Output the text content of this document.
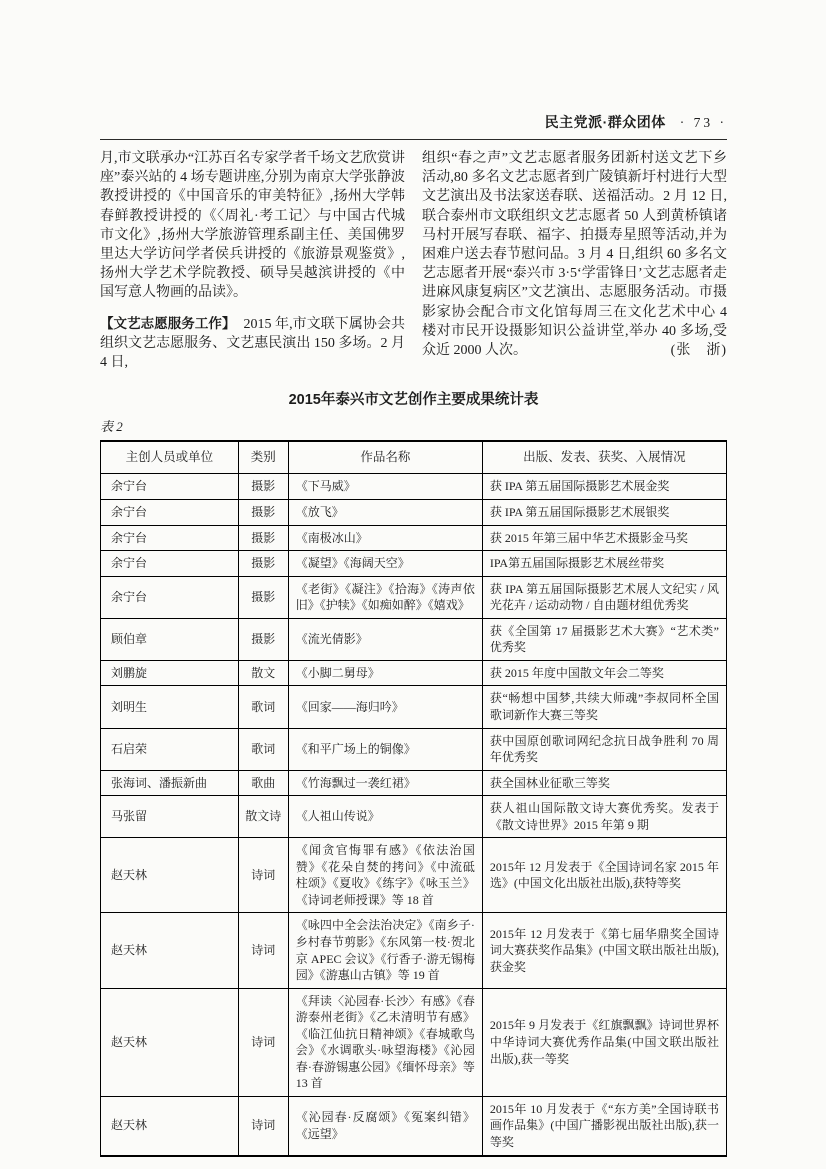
民主党派·群众团体 · 73 ·

月,市文联承办“江苏百名专家学者千场文艺欣赏讲座”泰兴站的 4 场专题讲座,分别为南京大学张静波教授讲授的《中国音乐的审美特征》,扬州大学韩春鲜教授讲授的《〈周礼·考工记〉与中国古代城市文化》,扬州大学旅游管理系副主任、美国佛罗里达大学访问学者侯兵讲授的《旅游景观鉴赏》,扬州大学艺术学院教授、硕导吴越滨讲授的《中国写意人物画的品读》。

【文艺志愿服务工作】 2015 年,市文联下属协会共组织文艺志愿服务、文艺惠民演出 150 多场。2 月 4 日,

组织“春之声”文艺志愿者服务团新村送文艺下乡活动,80 多名文艺志愿者到广陵镇新圩村进行大型文艺演出及书法家送春联、送福活动。2 月 12 日,联合泰州市文联组织文艺志愿者 50 人到黄桥镇诸马村开展写春联、福字、拍摄寿星照等活动,并为困难户送去春节慰问品。3 月 4 日,组织 60 多名文艺志愿者开展“泰兴市 3·5‘学雷锋日’文艺志愿者走进麻风康复病区”文艺演出、志愿服务活动。市摄影家协会配合市文化馆每周三在文化艺术中心 4 楼对市民开设摄影知识公益讲堂,举办 40 多场,受众近 2000 人次。	(张　浙)

2015年泰兴市文艺创作主要成果统计表
表 2
主创人员或单位	类别	作品名称	出版、发表、获奖、入展情况
余宁台	摄影	《下马威》	获 IPA 第五届国际摄影艺术展金奖
余宁台	摄影	《放飞》	获 IPA 第五届国际摄影艺术展银奖
余宁台	摄影	《南极冰山》	获 2015 年第三届中华艺术摄影金马奖
余宁台	摄影	《凝望》《海阔天空》	IPA第五届国际摄影艺术展丝带奖
余宁台	摄影	《老街》《凝注》《拾海》《涛声依旧》《护犊》《如痴如醉》《嬉戏》	获 IPA 第五届国际摄影艺术展人文纪实 / 风光花卉 / 运动动物 / 自由题材组优秀奖
顾伯章	摄影	《流光倩影》	获《全国第 17 届摄影艺术大赛》“艺术类”优秀奖
刘鹏旋	散文	《小脚二舅母》	获 2015 年度中国散文年会二等奖
刘明生	歌词	《回家——海归吟》	获“畅想中国梦,共续大师魂”李叔同杯全国歌词新作大赛三等奖
石启荣	歌词	《和平广场上的铜像》	获中国原创歌词网纪念抗日战争胜利 70 周年优秀奖
张海词、潘振新曲	歌曲	《竹海飘过一袭红裙》	获全国林业征歌三等奖
马张留	散文诗	《人祖山传说》	获人祖山国际散文诗大赛优秀奖。发表于《散文诗世界》2015 年第 9 期
赵天林	诗词	《闻贪官悔罪有感》《依法治国赞》《花朵自焚的拷问》《中流砥柱颂》《夏收》《练字》《咏玉兰》《诗词老师授课》等 18 首	2015年 12 月发表于《全国诗词名家 2015 年选》(中国文化出版社出版),获特等奖
赵天林	诗词	《咏四中全会法治决定》《南乡子·乡村春节剪影》《东风第一枝·贺北京 APEC 会议》《行香子·游无锡梅园》《游惠山古镇》等 19 首	2015年 12 月发表于《第七届华鼎奖全国诗词大赛获奖作品集》(中国文联出版社出版),获金奖
赵天林	诗词	《拜读〈沁园春·长沙〉有感》《春游泰州老街》《乙未清明节有感》《临江仙抗日精神颂》《春城歌鸟会》《水调歌头·咏望海楼》《沁园春·春游锡惠公园》《缅怀母亲》等 13 首	2015年 9 月发表于《红旗飘飘》诗词世界杯中华诗词大赛优秀作品集(中国文联出版社出版),获一等奖
赵天林	诗词	《沁园春·反腐颂》《冤案纠错》《远望》	2015年 10 月发表于《“东方美”全国诗联书画作品集》(中国广播影视出版社出版),获一等奖
